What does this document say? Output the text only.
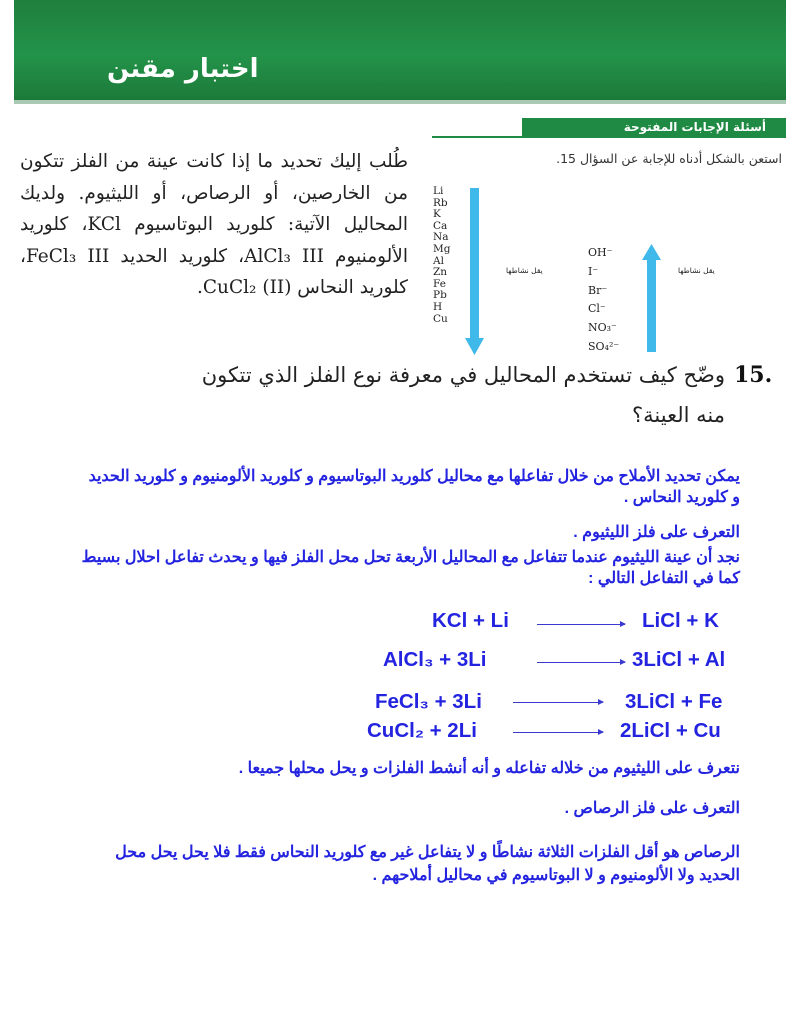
اختبار مقنن
أسئلة الإجابات المفتوحة
طُلب إليك تحديد ما إذا كانت عينة من الفلز تتكون من الخارصين، أو الرصاص، أو الليثيوم. ولديك المحاليل الآتية: كلوريد البوتاسيوم KCl، كلوريد الألومنيوم AlCl₃ III، كلوريد الحديد FeCl₃ III، كلوريد النحاس (II) CuCl₂.
استعن بالشكل أدناه للإجابة عن السؤال 15.
Li
Rb
K
Ca
Na
Mg
Al
Zn
Fe
Pb
H
Cu
يقل نشاطها
OH⁻
I⁻
Br⁻
Cl⁻
NO₃⁻
SO₄²⁻
يقل نشاطها
15.
وضّح كيف تستخدم المحاليل في معرفة نوع الفلز الذي تتكون منه العينة؟
يمكن تحديد الأملاح من خلال تفاعلها مع محاليل كلوريد البوتاسيوم و كلوريد الألومنيوم و كلوريد الحديد و كلوريد النحاس .
التعرف على فلز الليثيوم .
نجد أن عينة الليثيوم عندما تتفاعل مع المحاليل الأربعة تحل محل الفلز فيها و يحدث تفاعل احلال بسيط كما في التفاعل التالي :
KCl + Li	LiCl + K
AlCl₃ + 3Li	3LiCl + Al
FeCl₃ + 3Li	3LiCl + Fe
CuCl₂ + 2Li	2LiCl + Cu
نتعرف على الليثيوم من خلاله تفاعله و أنه أنشط الفلزات و يحل محلها جميعا .
التعرف على فلز الرصاص .
الرصاص هو أقل الفلزات الثلاثة نشاطًا و لا يتفاعل غير مع كلوريد النحاس فقط فلا يحل يحل محل الحديد ولا الألومنيوم و لا البوتاسيوم في محاليل أملاحهم .
